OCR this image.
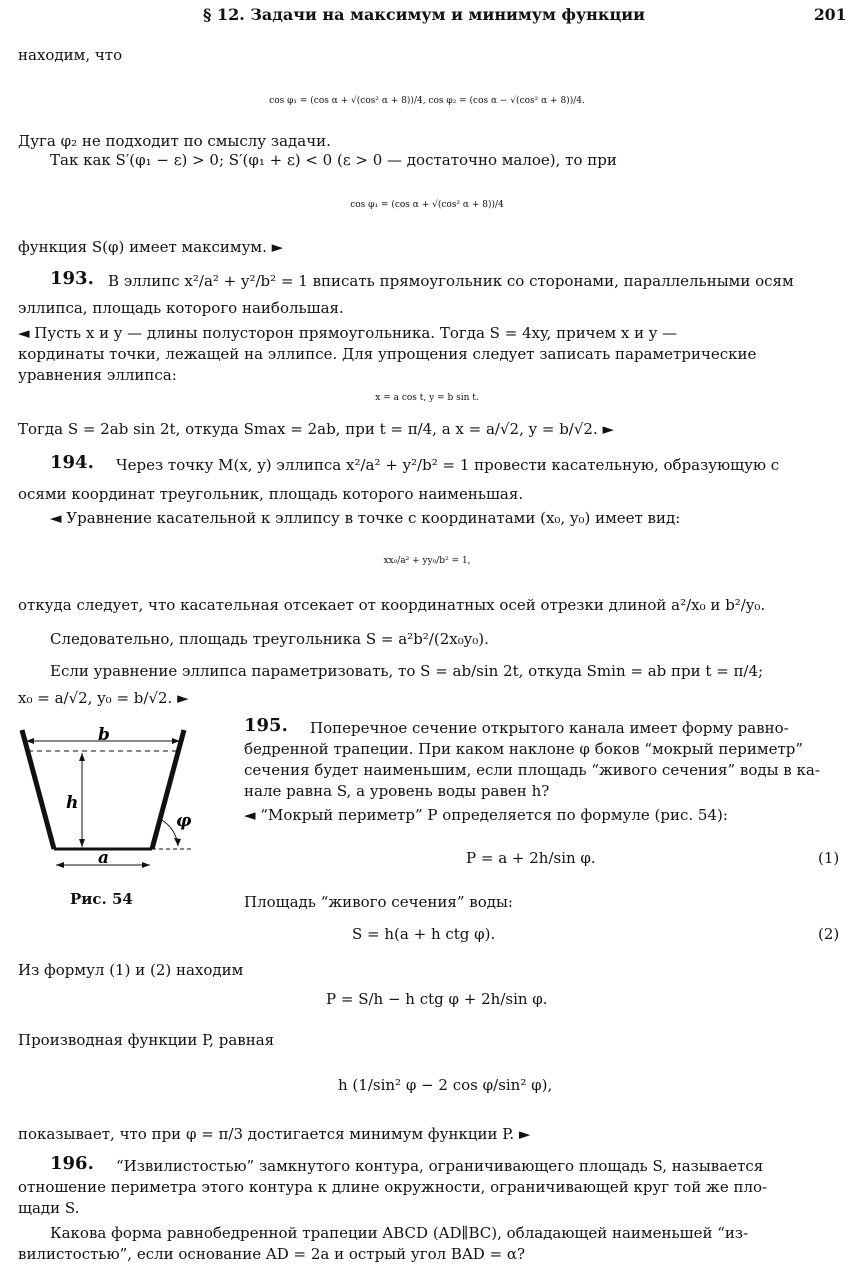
§ 12. Задачи на максимум и минимум функции	201
находим, что
cos φ₁ = (cos α + √(cos² α + 8))/4, cos φ₂ = (cos α − √(cos² α + 8))/4.
Дуга φ₂ не подходит по смыслу задачи.
Так как S′(φ₁ − ε) > 0; S′(φ₁ + ε) < 0 (ε > 0 — достаточно малое), то при
cos φ₁ = (cos α + √(cos² α + 8))/4
функция S(φ) имеет максимум. ►
193. В эллипс x²/a² + y²/b² = 1 вписать прямоугольник со сторонами, параллельными осям
эллипса, площадь которого наибольшая.
◄ Пусть x и y — длины полусторон прямоугольника. Тогда S = 4xy, причем x и y —
кординаты точки, лежащей на эллипсе. Для упрощения следует записать параметрические
уравнения эллипса:
x = a cos t, y = b sin t.
Тогда S = 2ab sin 2t, откуда Smax = 2ab, при t = π/4, а x = a/√2, y = b/√2. ►
194. Через точку M(x, y) эллипса x²/a² + y²/b² = 1 провести касательную, образующую с
осями координат треугольник, площадь которого наименьшая.
◄ Уравнение касательной к эллипсу в точке с координатами (x₀, y₀) имеет вид:
xx₀/a² + yy₀/b² = 1,
откуда следует, что касательная отсекает от координатных осей отрезки длиной a²/x₀ и b²/y₀.
Следовательно, площадь треугольника S = a²b²/(2x₀y₀).
Если уравнение эллипса параметризовать, то S = ab/sin 2t, откуда Smin = ab при t = π/4;
x₀ = a/√2, y₀ = b/√2. ►
b
h
φ
a
Рис. 54
195. Поперечное сечение открытого канала имеет форму равно-
бедренной трапеции. При каком наклоне φ боков “мокрый периметр”
сечения будет наименьшим, если площадь “живого сечения” воды в ка-
нале равна S, а уровень воды равен h?
◄ “Мокрый периметр” P определяется по формуле (рис. 54):
P = a + 2h/sin φ.	(1)
Площадь “живого сечения” воды:
S = h(a + h ctg φ).	(2)
Из формул (1) и (2) находим
P = S/h − h ctg φ + 2h/sin φ.
Производная функции P, равная
h (1/sin² φ − 2 cos φ/sin² φ),
показывает, что при φ = π/3 достигается минимум функции P. ►
196. “Извилистостью” замкнутого контура, ограничивающего площадь S, называется
отношение периметра этого контура к длине окружности, ограничивающей круг той же пло-
щади S.
Какова форма равнобедренной трапеции ABCD (AD∥BC), обладающей наименьшей “из-
вилистостью”, если основание AD = 2a и острый угол BAD = α?
